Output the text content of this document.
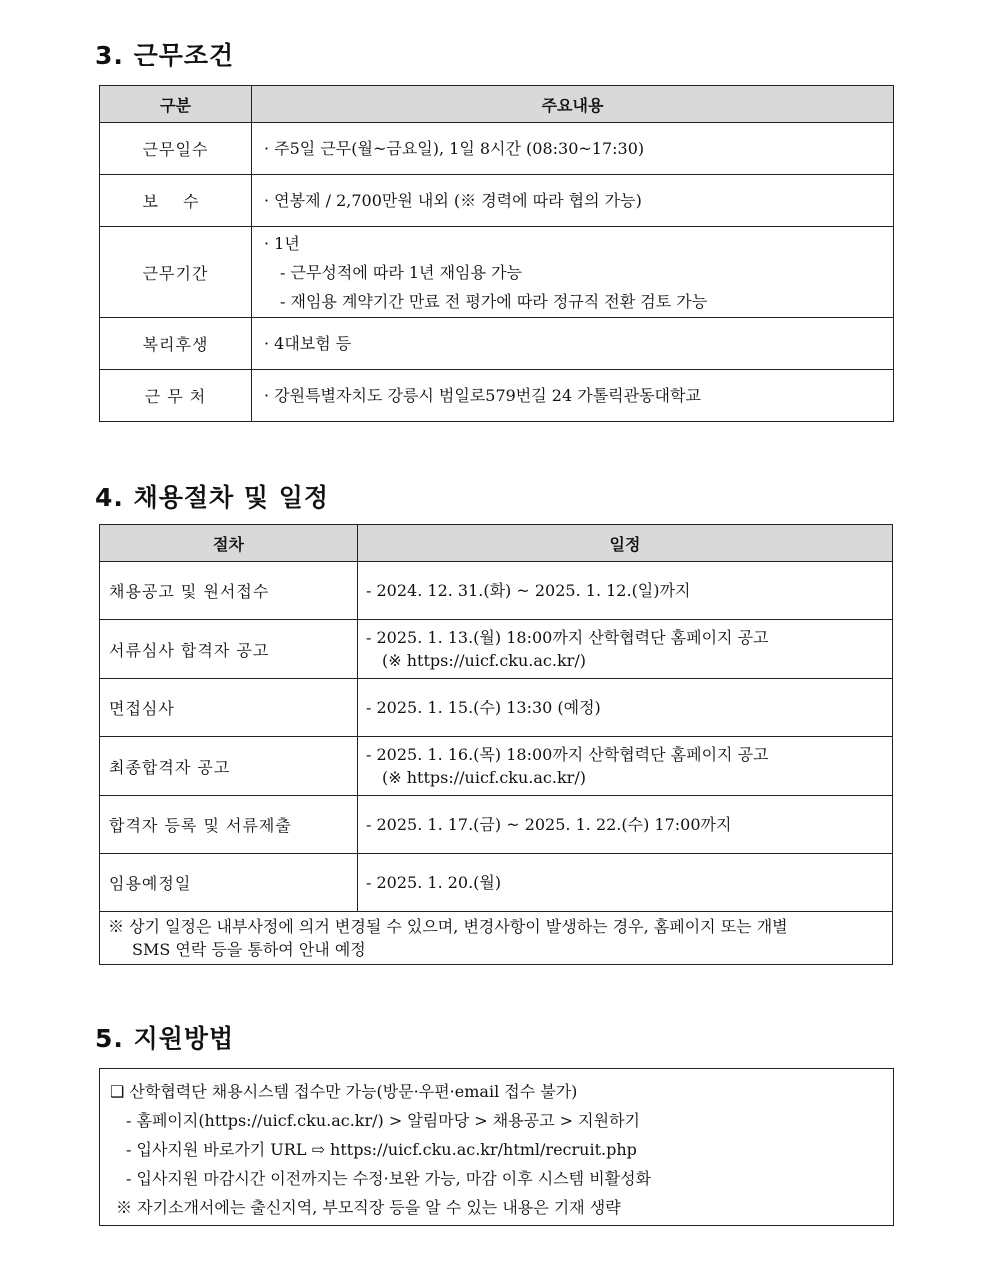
3. 근무조건
구분	주요내용
근무일수	· 주5일 근무(월~금요일), 1일 8시간 (08:30~17:30)
보 수	· 연봉제 / 2,700만원 내외 (※ 경력에 따라 협의 가능)
근무기간	· 1년
- 근무성적에 따라 1년 재임용 가능
- 재임용 계약기간 만료 전 평가에 따라 정규직 전환 검토 가능

복리후생	· 4대보험 등
근 무 처	· 강원특별자치도 강릉시 범일로579번길 24 가톨릭관동대학교
4. 채용절차 및 일정
절차	일정
채용공고 및 원서접수	- 2024. 12. 31.(화) ~ 2025. 1. 12.(일)까지
서류심사 합격자 공고	- 2025. 1. 13.(월) 18:00까지 산학협력단 홈페이지 공고
(※ https://uicf.cku.ac.kr/)

면접심사	- 2025. 1. 15.(수) 13:30 (예정)
최종합격자 공고	- 2025. 1. 16.(목) 18:00까지 산학협력단 홈페이지 공고
(※ https://uicf.cku.ac.kr/)

합격자 등록 및 서류제출	- 2025. 1. 17.(금) ~ 2025. 1. 22.(수) 17:00까지
임용예정일	- 2025. 1. 20.(월)

※ 상기 일정은 내부사정에 의거 변경될 수 있으며, 변경사항이 발생하는 경우, 홈페이지 또는 개별
SMS 연락 등을 통하여 안내 예정	
5. 지원방법
❑ 산학협력단 채용시스템 접수만 가능(방문·우편·email 접수 불가)
- 홈페이지(https://uicf.cku.ac.kr/) > 알림마당 > 채용공고 > 지원하기
- 입사지원 바로가기 URL ⇨ https://uicf.cku.ac.kr/html/recruit.php
- 입사지원 마감시간 이전까지는 수정·보완 가능, 마감 이후 시스템 비활성화
※ 자기소개서에는 출신지역, 부모직장 등을 알 수 있는 내용은 기재 생략
